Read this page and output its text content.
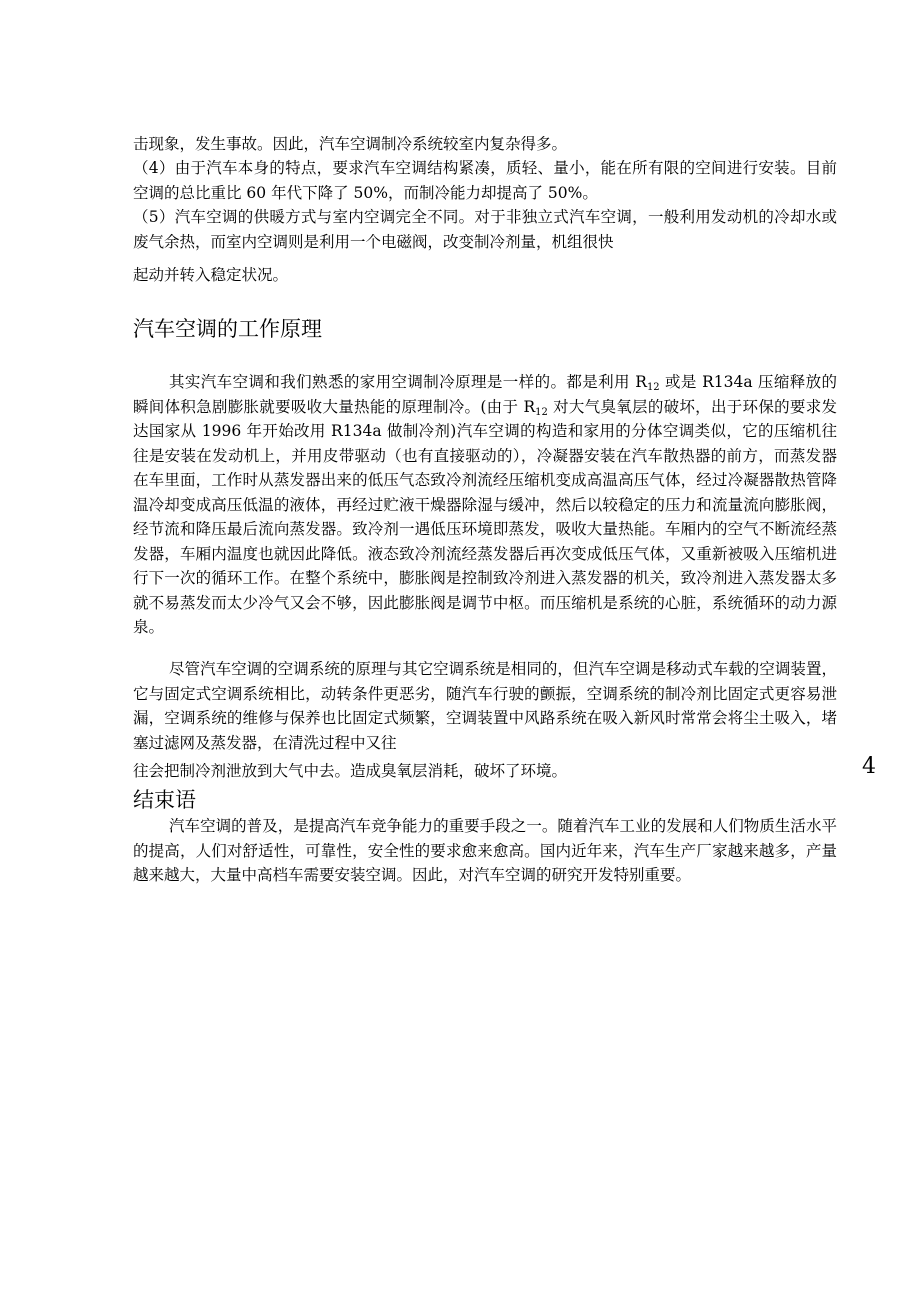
击现象，发生事故。因此，汽车空调制冷系统较室内复杂得多。
（4）由于汽车本身的特点，要求汽车空调结构紧凑，质轻、量小，能在所有限的空间进行安装。目前空调的总比重比 60 年代下降了 50%，而制冷能力却提高了 50%。
（5）汽车空调的供暖方式与室内空调完全不同。对于非独立式汽车空调，一般利用发动机的冷却水或废气余热，而室内空调则是利用一个电磁阀，改变制冷剂量，机组很快
起动并转入稳定状况。
汽车空调的工作原理
其实汽车空调和我们熟悉的家用空调制冷原理是一样的。都是利用 $R_{12}$ 或是 R134a 压缩释放的瞬间体积急剧膨胀就要吸收大量热能的原理制冷。(由于 $R_{12}$ 对大气臭氧层的破坏，出于环保的要求发达国家从 1996 年开始改用 R134a 做制冷剂)汽车空调的构造和家用的分体空调类似，它的压缩机往往是安装在发动机上，并用皮带驱动（也有直接驱动的），冷凝器安装在汽车散热器的前方，而蒸发器在车里面，工作时从蒸发器出来的低压气态致冷剂流经压缩机变成高温高压气体，经过冷凝器散热管降温冷却变成高压低温的液体，再经过贮液干燥器除湿与缓冲，然后以较稳定的压力和流量流向膨胀阀，经节流和降压最后流向蒸发器。致冷剂一遇低压环境即蒸发，吸收大量热能。车厢内的空气不断流经蒸发器，车厢内温度也就因此降低。液态致冷剂流经蒸发器后再次变成低压气体，又重新被吸入压缩机进行下一次的循环工作。在整个系统中，膨胀阀是控制致冷剂进入蒸发器的机关，致冷剂进入蒸发器太多就不易蒸发而太少冷气又会不够，因此膨胀阀是调节中枢。而压缩机是系统的心脏，系统循环的动力源泉。
尽管汽车空调的空调系统的原理与其它空调系统是相同的，但汽车空调是移动式车载的空调装置，它与固定式空调系统相比，动转条件更恶劣，随汽车行驶的颤振，空调系统的制冷剂比固定式更容易泄漏，空调系统的维修与保养也比固定式频繁，空调装置中风路系统在吸入新风时常常会将尘土吸入，堵塞过滤网及蒸发器，在清洗过程中又往
往会把制冷剂泄放到大气中去。造成臭氧层消耗，破坏了环境。	4
结束语
汽车空调的普及，是提高汽车竞争能力的重要手段之一。随着汽车工业的发展和人们物质生活水平的提高，人们对舒适性，可靠性，安全性的要求愈来愈高。国内近年来，汽车生产厂家越来越多，产量越来越大，大量中高档车需要安装空调。因此，对汽车空调的研究开发特别重要。
